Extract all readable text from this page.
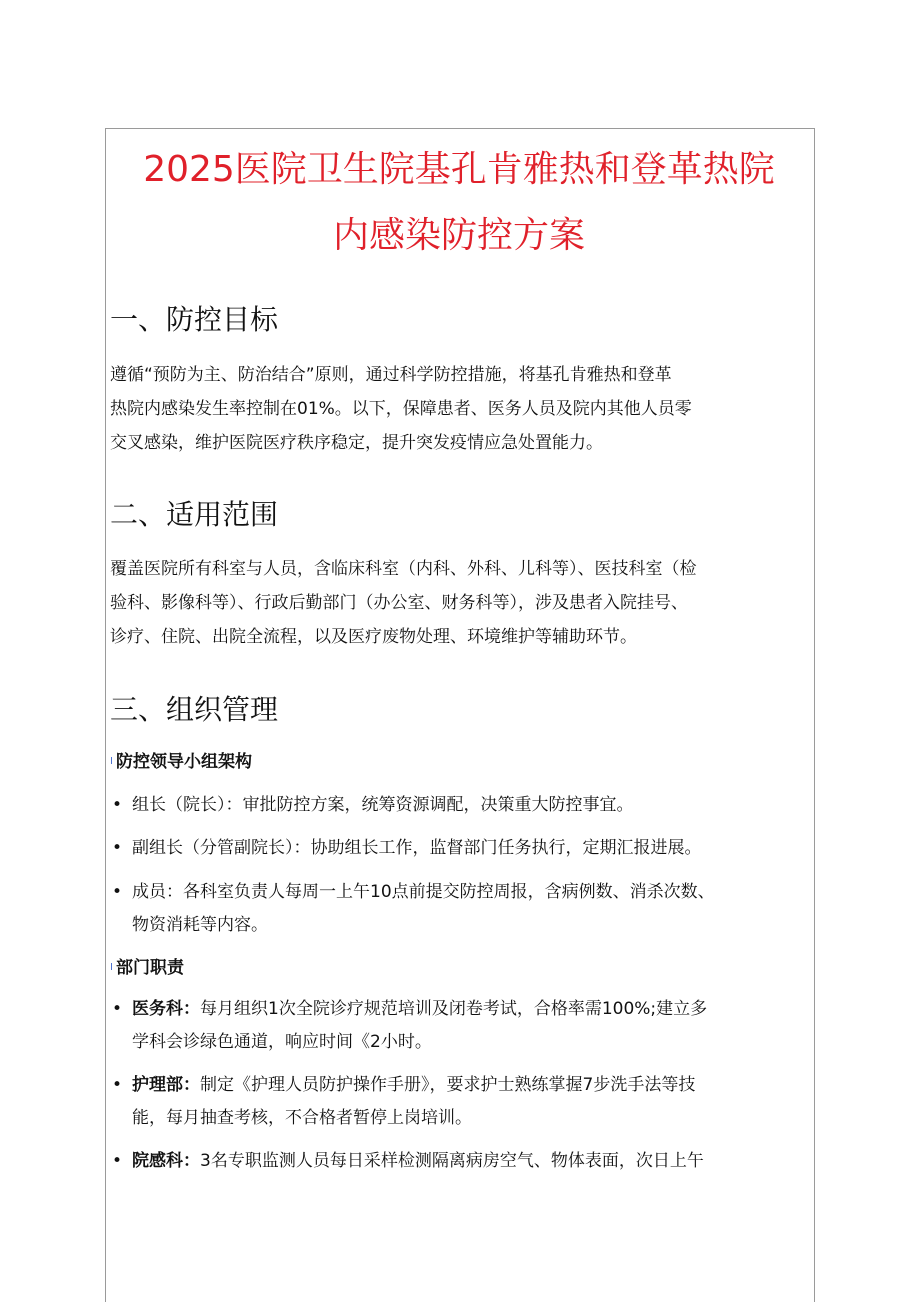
2025医院卫生院基孔肯雅热和登革热院
内感染防控方案
一、防控目标

遵循“预防为主、防治结合”原则，通过科学防控措施，将基孔肯雅热和登革
热院内感染发生率控制在01%。以下，保障患者、医务人员及院内其他人员零
交叉感染，维护医院医疗秩序稳定，提升突发疫情应急处置能力。

二、适用范围

覆盖医院所有科室与人员，含临床科室（内科、外科、儿科等）、医技科室（检
验科、影像科等）、行政后勤部门（办公室、财务科等），涉及患者入院挂号、
诊疗、住院、出院全流程，以及医疗废物处理、环境维护等辅助环节。

三、组织管理
I 防控领导小组架构
• 组长（院长）：审批防控方案，统筹资源调配，决策重大防控事宜。
• 副组长（分管副院长）：协助组长工作，监督部门任务执行，定期汇报进展。
• 成员：各科室负责人每周一上午10点前提交防控周报，含病例数、消杀次数、
物资消耗等内容。
I 部门职责
• 医务科：每月组织1次全院诊疗规范培训及闭卷考试，合格率需100%;建立多
学科会诊绿色通道，响应时间《2小时。
• 护理部：制定《护理人员防护操作手册》，要求护士熟练掌握7步洗手法等技
能，每月抽查考核，不合格者暂停上岗培训。
• 院感科：3名专职监测人员每日采样检测隔离病房空气、物体表面，次日上午
